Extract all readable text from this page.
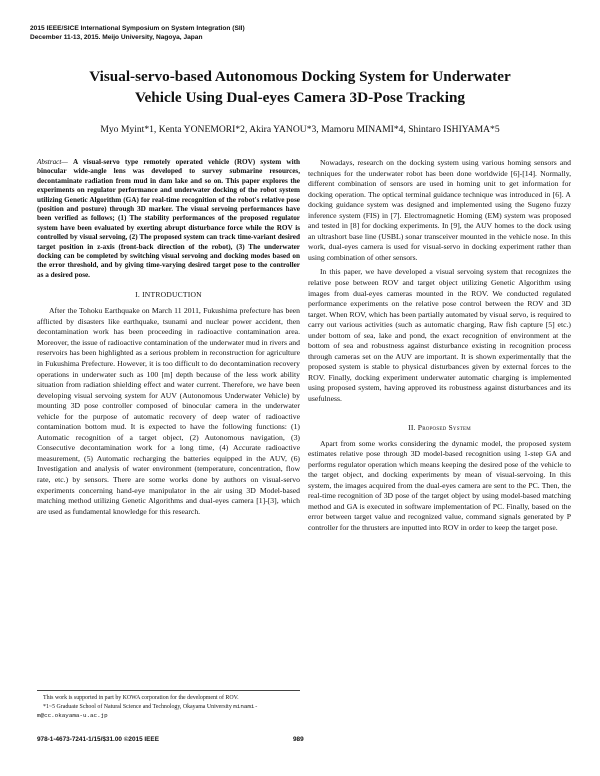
2015 IEEE/SICE International Symposium on System Integration (SII)
December 11-13, 2015. Meijo University, Nagoya, Japan
Visual-servo-based Autonomous Docking System for Underwater
Vehicle Using Dual-eyes Camera 3D-Pose Tracking
Myo Myint*1, Kenta YONEMORI*2, Akira YANOU*3, Mamoru MINAMI*4, Shintaro ISHIYAMA*5

Abstract— A visual-servo type remotely operated vehicle (ROV) system with binocular wide-angle lens was developed to survey submarine resources, decontaminate radiation from mud in dam lake and so on. This paper explores the experiments on regulator performance and underwater docking of the robot system utilizing Genetic Algorithm (GA) for real-time recognition of the robot's relative pose (position and posture) through 3D marker. The visual servoing performances have been verified as follows; (1) The stability performances of the proposed regulator system have been evaluated by exerting abrupt disturbance force while the ROV is controlled by visual servoing, (2) The proposed system can track time-variant desired target position in z-axis (front-back direction of the robot), (3) The underwater docking can be completed by switching visual servoing and docking modes based on the error threshold, and by giving time-varying desired target pose to the controller as a desired pose.

I. INTRODUCTION

After the Tohoku Earthquake on March 11 2011, Fukushima prefecture has been afflicted by disasters like earthquake, tsunami and nuclear power accident, then decontamination work has been proceeding in radioactive contamination area. Moreover, the issue of radioactive contamination of the underwater mud in rivers and reservoirs has been highlighted as a serious problem in reconstruction for agriculture in Fukushima Prefecture. However, it is too difficult to do decontamination recovery operations in underwater such as 100 [m] depth because of the less work ability situation from radiation shielding effect and water current. Therefore, we have been developing visual servoing system for AUV (Autonomous Underwater Vehicle) by mounting 3D pose controller composed of binocular camera in the underwater vehicle for the purpose of automatic recovery of deep water of radioactive contamination bottom mud. It is expected to have the following functions: (1) Automatic recognition of a target object, (2) Autonomous navigation, (3) Consecutive decontamination work for a long time, (4) Accurate radioactive measurement, (5) Automatic recharging the batteries equipped in the AUV, (6) Investigation and analysis of water environment (temperature, concentration, flow rate, etc.) by sensors. There are some works done by authors on visual-servo experiments concerning hand-eye manipulator in the air using 3D Model-based matching method utilizing Genetic Algorithms and dual-eyes camera [1]-[3], which are used as fundamental knowledge for this research.

This work is supported in part by KOWA corporation for the development of ROV.

*1~5 Graduate School of Natural Science and Technology, Okayama University minami-m@cc.okayama-u.ac.jp

Nowadays, research on the docking system using various homing sensors and techniques for the underwater robot has been done worldwide [6]-[14]. Normally, different combination of sensors are used in homing unit to get information for docking operation. The optical terminal guidance technique was introduced in [6]. A docking guidance system was designed and implemented using the Sugeno fuzzy inference system (FIS) in [7]. Electromagnetic Homing (EM) system was proposed and tested in [8] for docking experiments. In [9], the AUV homes to the dock using an ultrashort base line (USBL) sonar transceiver mounted in the vehicle nose. In this work, dual-eyes camera is used for visual-servo in docking experiment rather than using combination of other sensors.

In this paper, we have developed a visual servoing system that recognizes the relative pose between ROV and target object utilizing Genetic Algorithm using images from dual-eyes cameras mounted in the ROV. We conducted regulated performance experiments on the relative pose control between the ROV and 3D target. When ROV, which has been partially automated by visual servo, is required to carry out various activities (such as automatic charging, Raw fish capture [5] etc.) under bottom of sea, lake and pond, the exact recognition of environment at the bottom of sea and robustness against disturbance existing in recognition process through cameras set on the AUV are important. It is shown experimentally that the proposed system is stable to physical disturbances given by external forces to the ROV. Finally, docking experiment underwater automatic charging is implemented using proposed system, having approved its robustness against disturbances and its usefulness.

II. Proposed System

Apart from some works considering the dynamic model, the proposed system estimates relative pose through 3D model-based recognition using 1-step GA and performs regulator operation which means keeping the desired pose of the vehicle to the target object, and docking experiments by mean of visual-servoing. In this system, the images acquired from the dual-eyes camera are sent to the PC. Then, the real-time recognition of 3D pose of the target object by using model-based matching method and GA is executed in software implementation of PC. Finally, based on the error between target value and recognized value, command signals generated by P controller for the thrusters are inputted into ROV in order to keep the target pose.

978-1-4673-7241-1/15/$31.00 ©2015 IEEE	989
